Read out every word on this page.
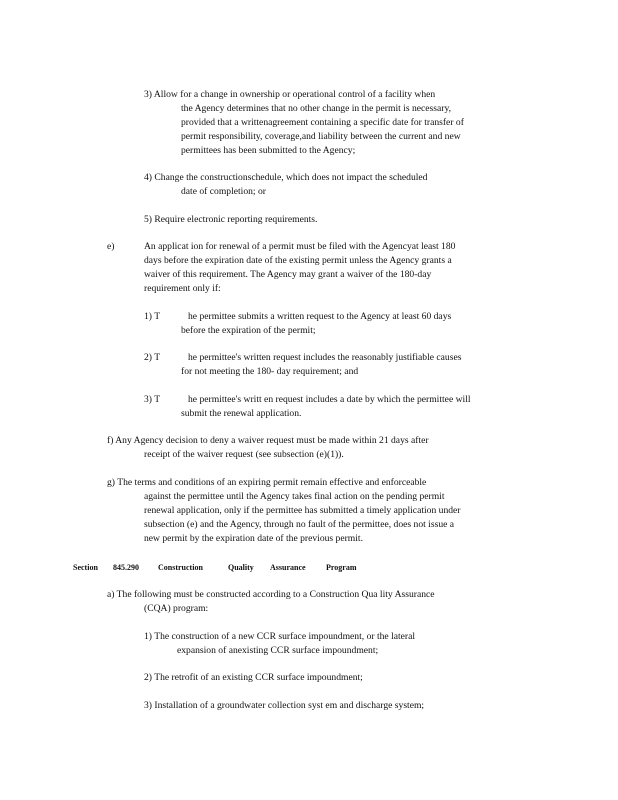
3) Allow for a change in ownership or operational control of a facility when
the Agency determines that no other change in the permit is necessary,
provided that a writtenagreement containing a specific date for transfer of
permit responsibility, coverage,and liability between the current and new
permittees has been submitted to the Agency;
4) Change the constructionschedule, which does not impact the scheduled
date of completion; or
5) Require electronic reporting requirements.
e)	An applicat ion for renewal of a permit must be filed with the Agencyat least 180
days before the expiration date of the existing permit unless the Agency grants a
waiver of this requirement. The Agency may grant a waiver of the 180-day
requirement only if:
1) T	he permittee submits a written request to the Agency at least 60 days
before the expiration of the permit;
2) T	he permittee's written request includes the reasonably justifiable causes
for not meeting the 180- day requirement; and
3) T	he permittee's writt en request includes a date by which the permittee will
submit the renewal application.
f) Any Agency decision to deny a waiver request must be made within 21 days after
receipt of the waiver request (see subsection (e)(1)).
g) The terms and conditions of an expiring permit remain effective and enforceable
against the permittee until the Agency takes final action on the pending permit
renewal application, only if the permittee has submitted a timely application under
subsection (e) and the Agency, through no fault of the permittee, does not issue a
new permit by the expiration date of the previous permit.
Section 845.290 Construction	Quality Assurance	Program
a) The following must be constructed according to a Construction Qua lity Assurance
(CQA) program:
1) The construction of a new CCR surface impoundment, or the lateral
expansion of anexisting CCR surface impoundment;
2) The retrofit of an existing CCR surface impoundment;
3) Installation of a groundwater collection syst em and discharge system;
